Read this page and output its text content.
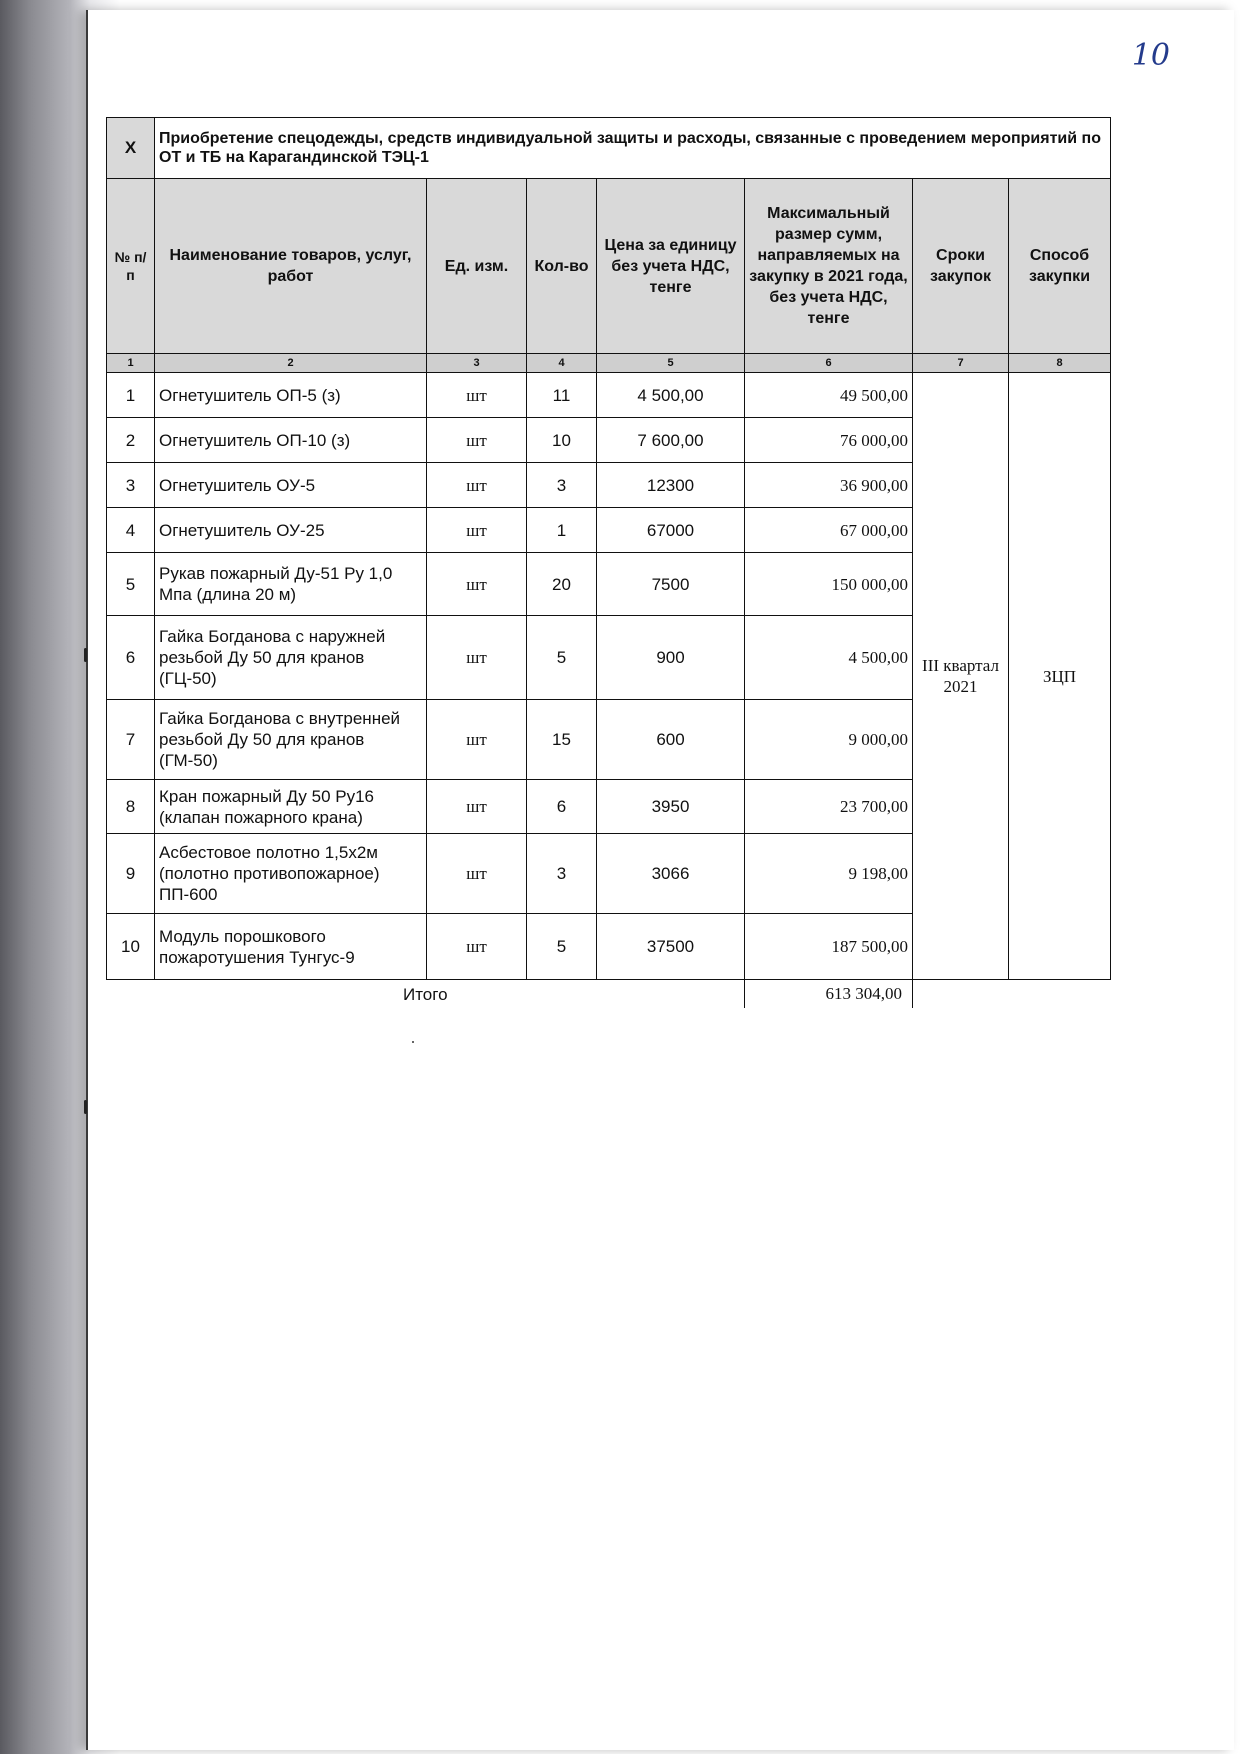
10
X	Приобретение спецодежды, средств индивидуальной защиты и расходы, связанные с проведением мероприятий по ОТ и ТБ на Карагандинской ТЭЦ-1						
№ п/п	Наименование товаров, услуг, работ	Ед. изм.	Кол-во	Цена за единицу без учета НДС, тенге	Максимальный размер сумм, направляемых на закупку в 2021 года, без учета НДС, тенге	Сроки закупок	Способ закупки
1	2	3	4	5	6	7	8
1	Огнетушитель ОП-5 (з)	шт	11	4 500,00	49 500,00	III квартал 2021	ЗЦП
2	Огнетушитель ОП-10 (з)	шт	10	7 600,00	76 000,00		
3	Огнетушитель ОУ-5	шт	3	12300	36 900,00		
4	Огнетушитель ОУ-25	шт	1	67000	67 000,00		
5	Рукав пожарный Ду-51 Ру 1,0 Мпа (длина 20 м)	шт	20	7500	150 000,00		
6	Гайка Богданова с наружней резьбой Ду 50 для кранов (ГЦ-50)	шт	5	900	4 500,00		
7	Гайка Богданова с внутренней резьбой Ду 50 для кранов (ГМ-50)	шт	15	600	9 000,00		
8	Кран пожарный Ду 50 Ру16 (клапан пожарного крана)	шт	6	3950	23 700,00		
9	Асбестовое полотно 1,5х2м (полотно противопожарное) ПП-600	шт	3	3066	9 198,00		
10	Модуль порошкового пожаротушения Тунгус-9	шт	5	37500	187 500,00		
Итого					613 304,00		
